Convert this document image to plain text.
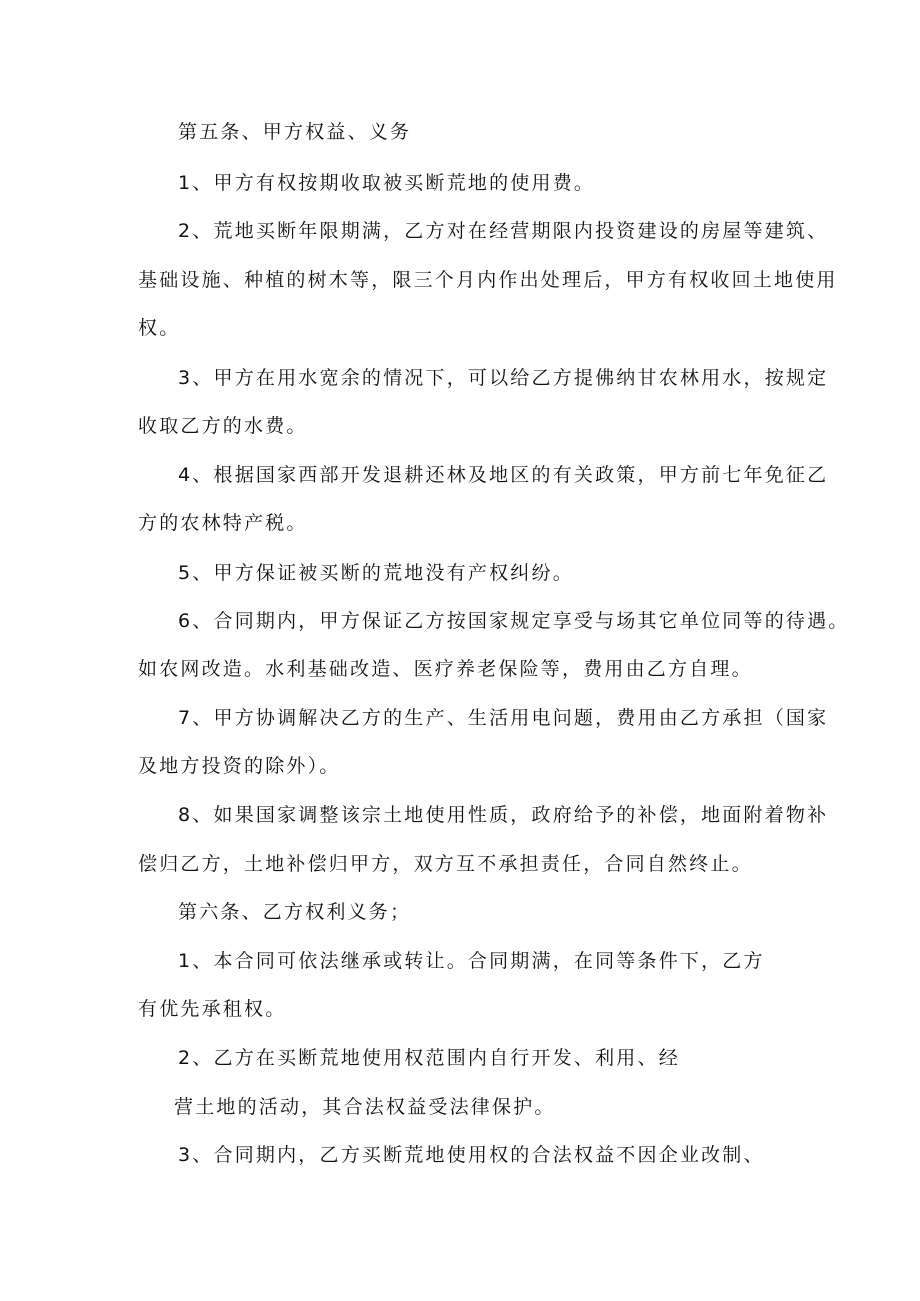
第五条、甲方权益、义务
1、甲方有权按期收取被买断荒地的使用费。
2、荒地买断年限期满，乙方对在经营期限内投资建设的房屋等建筑、
基础设施、种植的树木等，限三个月内作出处理后，甲方有权收回土地使用
权。
3、甲方在用水宽余的情况下，可以给乙方提佛纳甘农林用水，按规定
收取乙方的水费。
4、根据国家西部开发退耕还林及地区的有关政策，甲方前七年免征乙
方的农林特产税。
5、甲方保证被买断的荒地没有产权纠纷。
6、合同期内，甲方保证乙方按国家规定享受与场其它单位同等的待遇。
如农网改造。水利基础改造、医疗养老保险等，费用由乙方自理。
7、甲方协调解决乙方的生产、生活用电问题，费用由乙方承担（国家
及地方投资的除外）。
8、如果国家调整该宗土地使用性质，政府给予的补偿，地面附着物补
偿归乙方，土地补偿归甲方，双方互不承担责任，合同自然终止。
第六条、乙方权利义务；
1、本合同可依法继承或转让。合同期满，在同等条件下，乙方
有优先承租权。
2、乙方在买断荒地使用权范围内自行开发、利用、经
营土地的活动，其合法权益受法律保护。
3、合同期内，乙方买断荒地使用权的合法权益不因企业改制、
